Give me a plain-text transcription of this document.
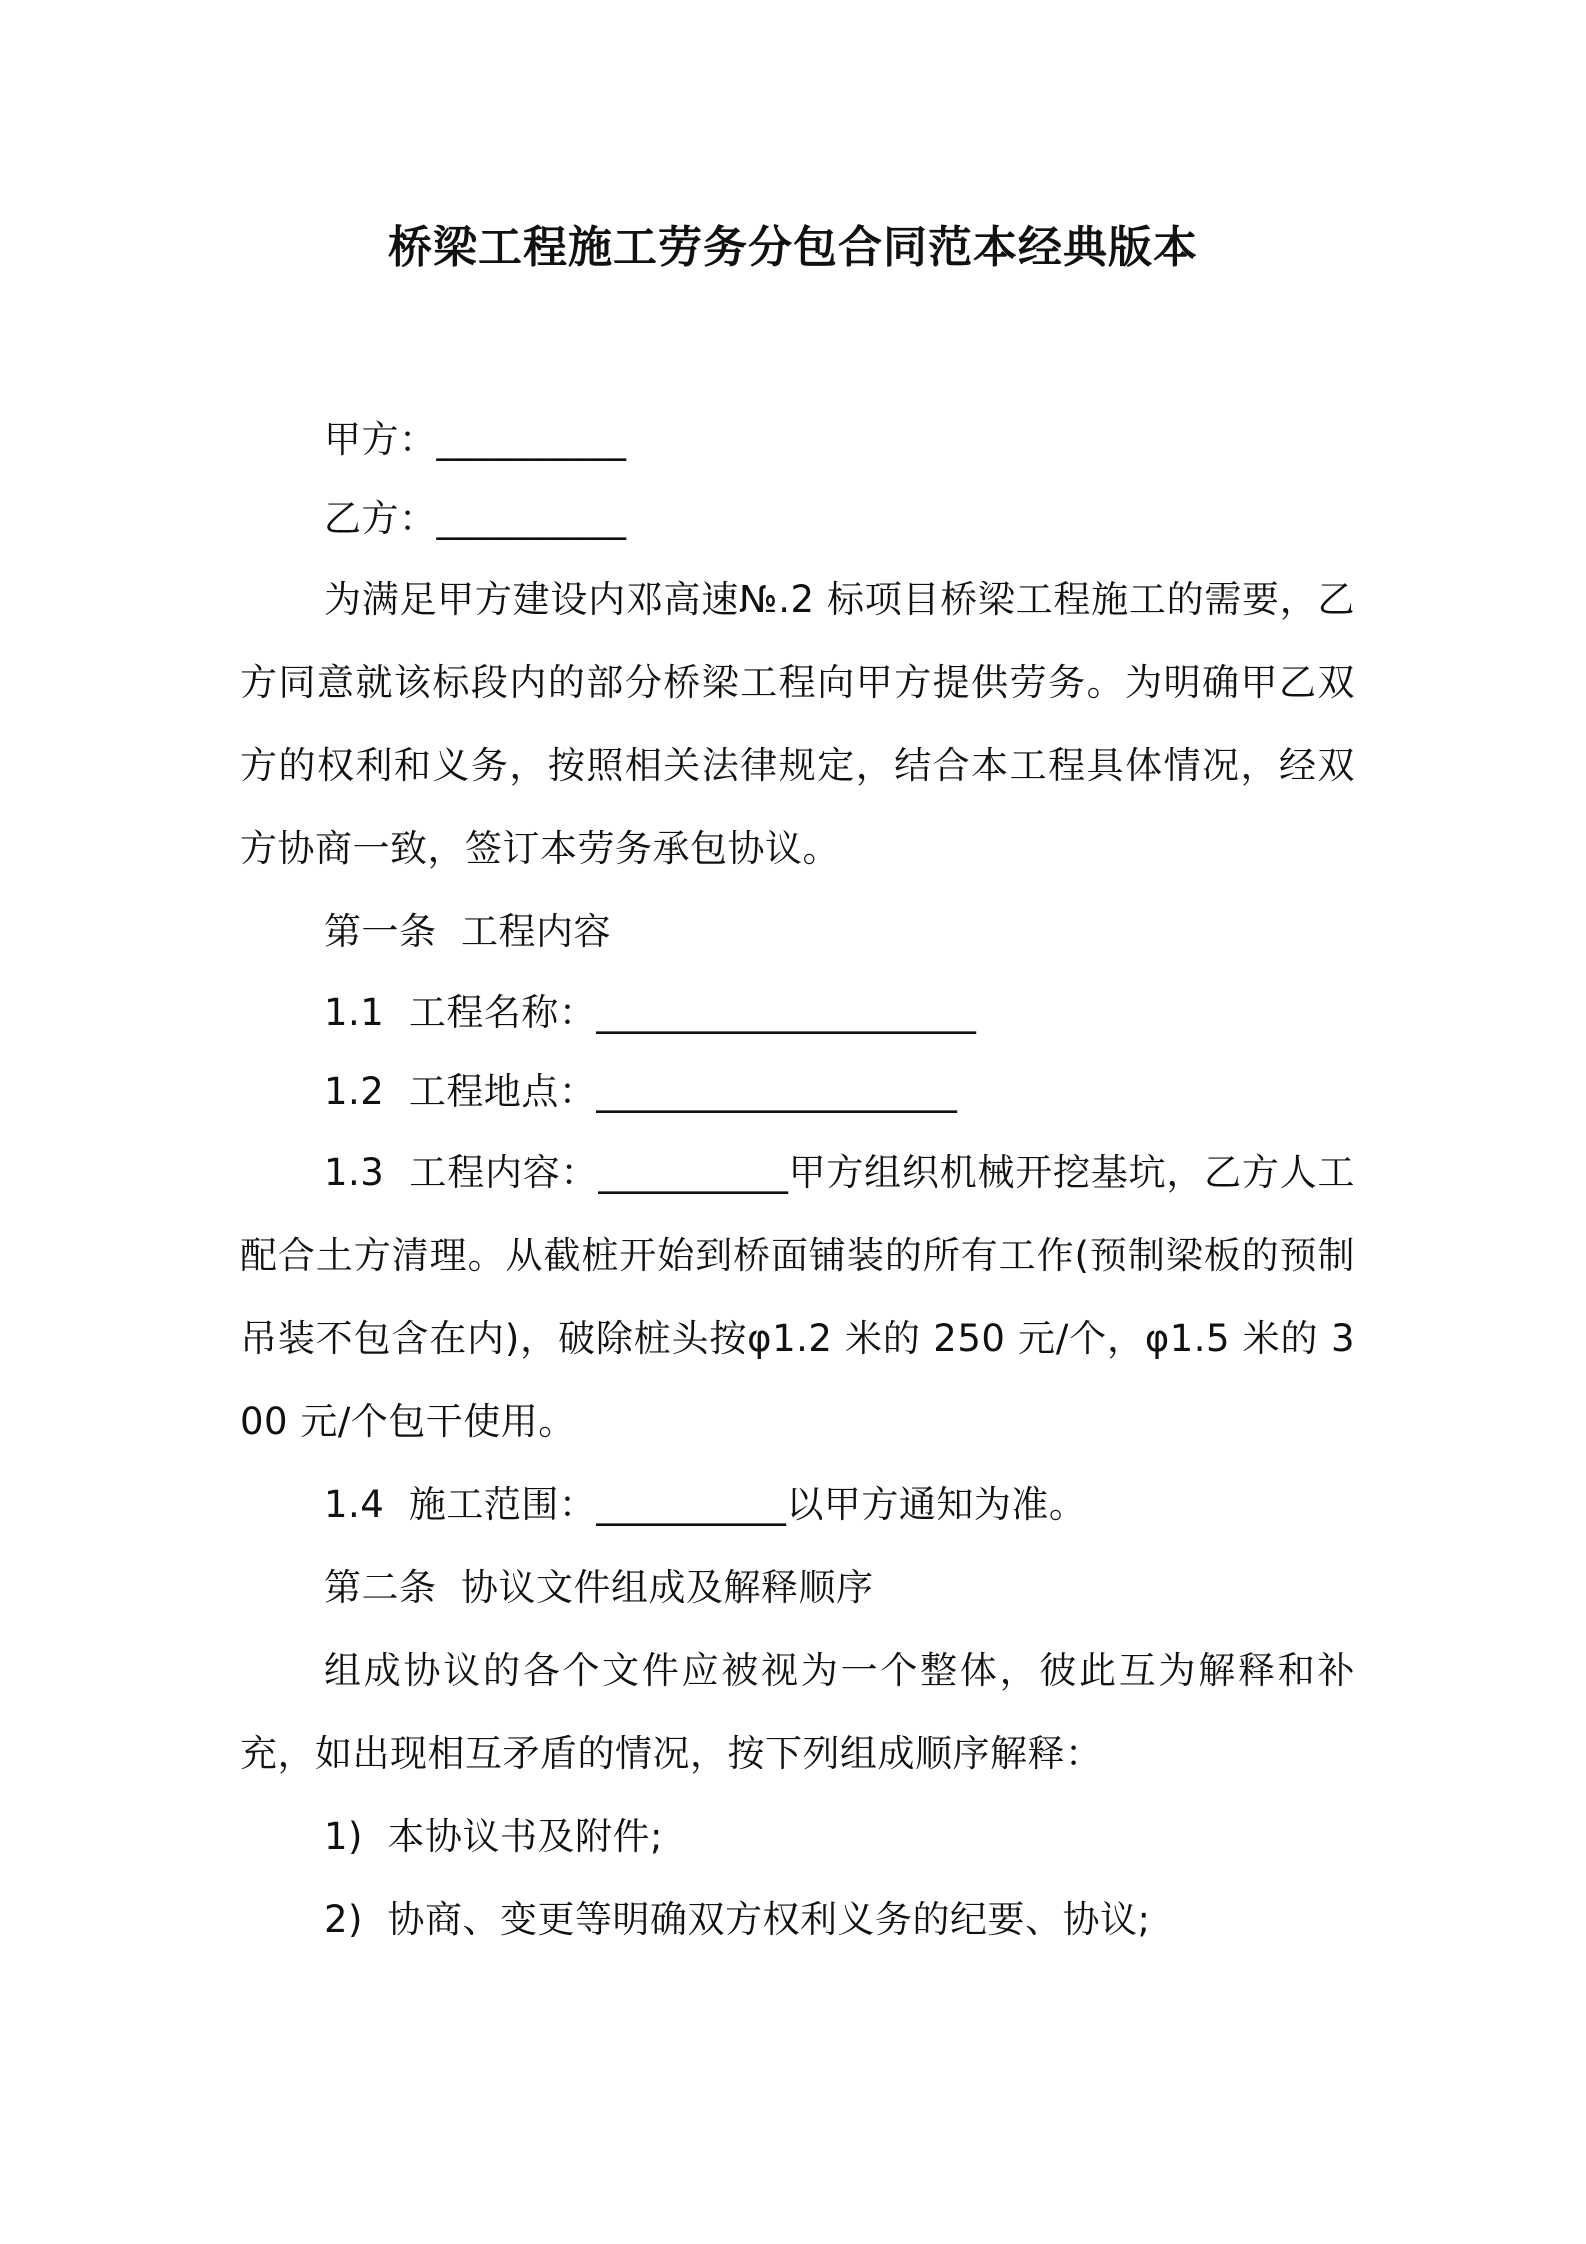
桥梁工程施工劳务分包合同范本经典版本

甲方：__________

乙方：__________

为满足甲方建设内邓高速№.2 标项目桥梁工程施工的需要，乙方同意就该标段内的部分桥梁工程向甲方提供劳务。为明确甲乙双方的权利和义务，按照相关法律规定，结合本工程具体情况，经双方协商一致，签订本劳务承包协议。

第一条  工程内容

1.1  工程名称：____________________

1.2  工程地点：___________________

1.3  工程内容：__________甲方组织机械开挖基坑，乙方人工配合土方清理。从截桩开始到桥面铺装的所有工作(预制梁板的预制吊装不包含在内)，破除桩头按φ1.2 米的 250 元/个，φ1.5 米的 300 元/个包干使用。

1.4  施工范围：__________以甲方通知为准。

第二条  协议文件组成及解释顺序

组成协议的各个文件应被视为一个整体，彼此互为解释和补充，如出现相互矛盾的情况，按下列组成顺序解释：

1)  本协议书及附件;

2)  协商、变更等明确双方权利义务的纪要、协议;
